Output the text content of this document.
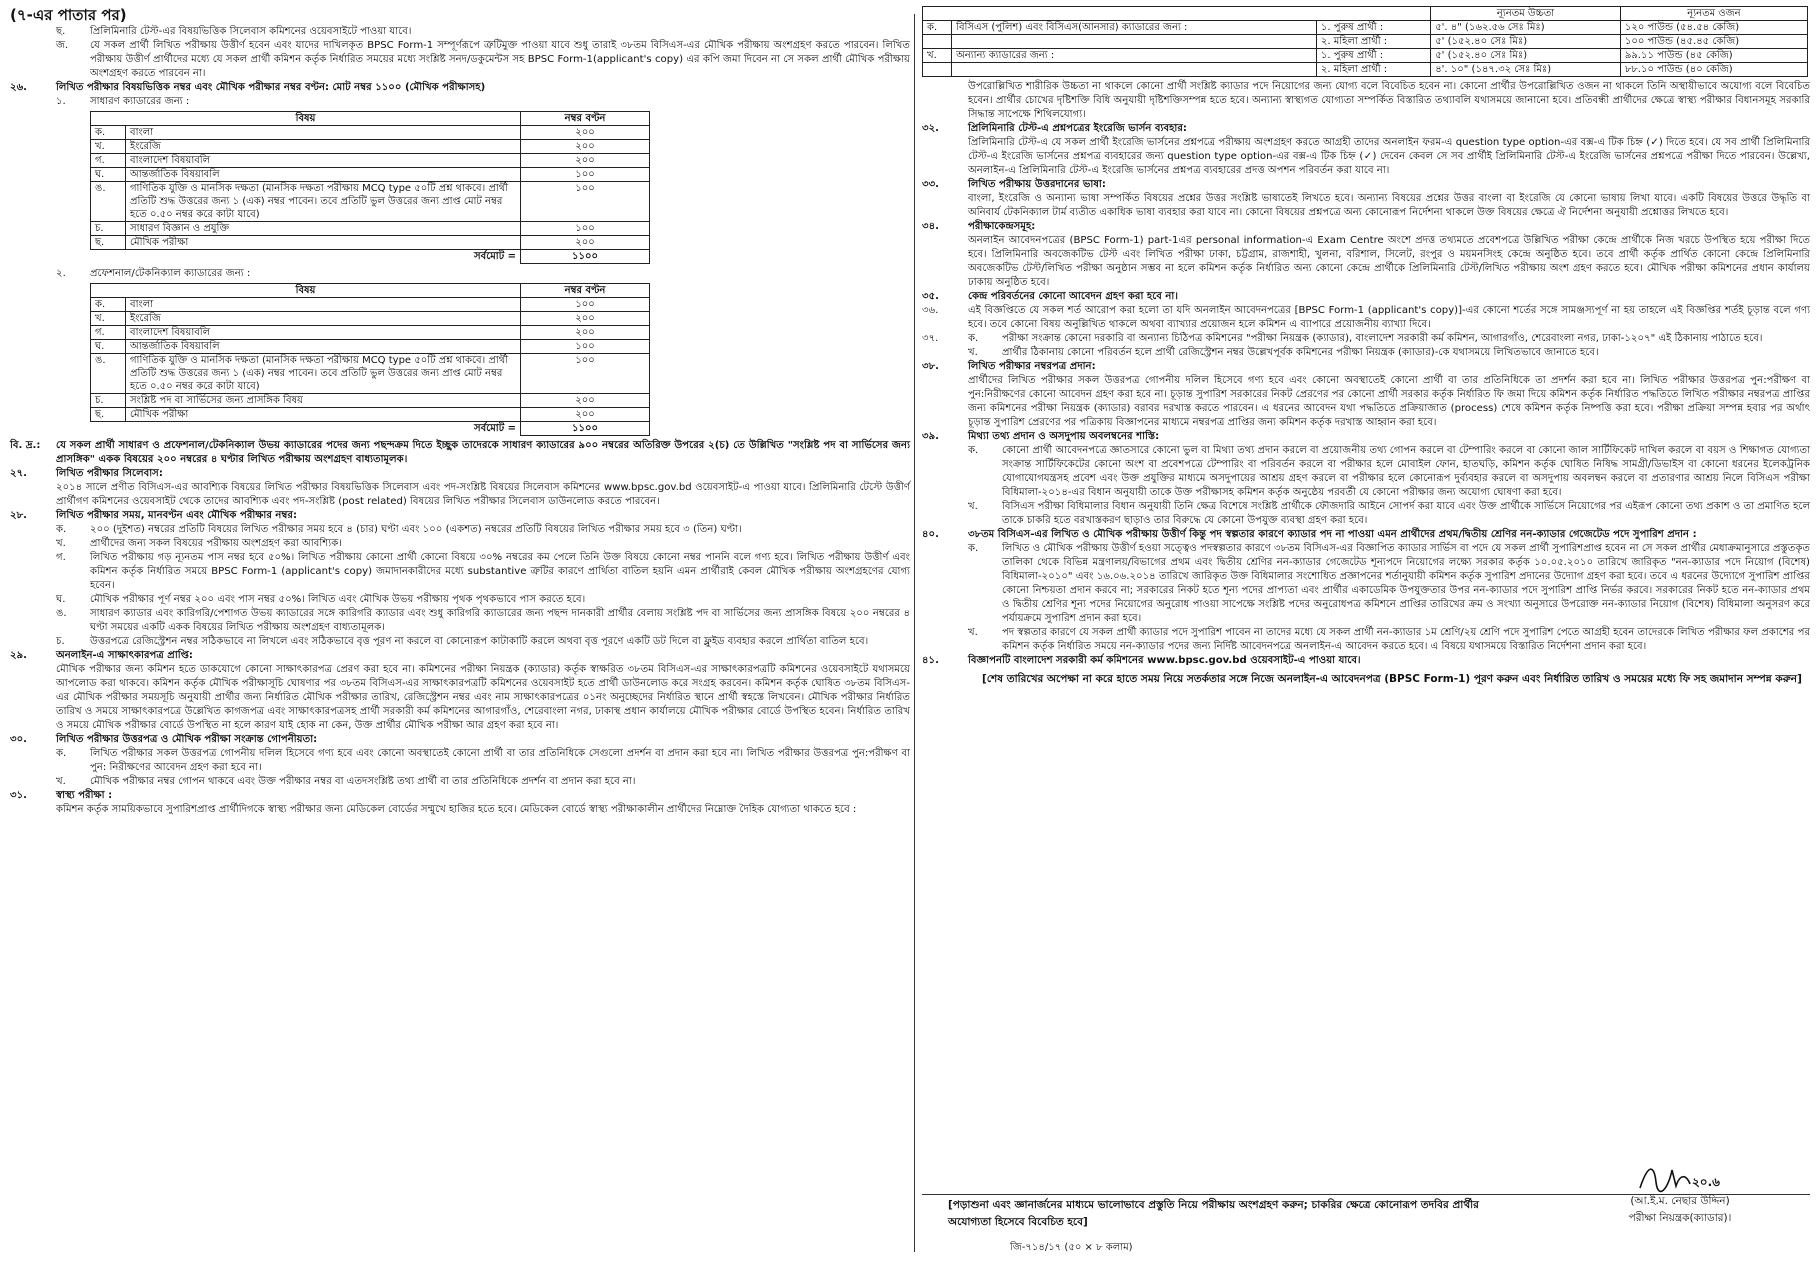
(৭-এর পাতার পর)
ছ.	প্রিলিমিনারি টেস্ট-এর বিষয়ভিত্তিক সিলেবাস কমিশনের ওয়েবসাইটে পাওয়া যাবে।
জ.	যে সকল প্রার্থী লিখিত পরীক্ষায় উত্তীর্ণ হবেন এবং যাদের দাখিলকৃত BPSC Form-1 সম্পূর্ণরূপে ত্রুটিমুক্ত পাওয়া যাবে শুধু তারাই ৩৮তম বিসিএস-এর মৌখিক পরীক্ষায় অংশগ্রহণ করতে পারবেন। লিখিত পরীক্ষায় উত্তীর্ণ প্রার্থীদের মধ্যে যে সকল প্রার্থী কমিশন কর্তৃক নির্ধারিত সময়ের মধ্যে সংশ্লিষ্ট সনদ/ডকুমেন্টস সহ BPSC Form-1(applicant's copy) এর কপি জমা দিবেন না সে সকল প্রার্থী মৌখিক পরীক্ষায় অংশগ্রহণ করতে পারবেন না।
২৬.	লিখিত পরীক্ষার বিষয়ভিত্তিক নম্বর এবং মৌখিক পরীক্ষার নম্বর বণ্টন: মোট নম্বর ১১০০ (মৌখিক পরীক্ষাসহ)
১.	সাধারণ ক্যাডারের জন্য :
বিষয়		নম্বর বণ্টন
ক.	বাংলা	২০০
খ.	ইংরেজি	২০০
গ.	বাংলাদেশ বিষয়াবলি	২০০
ঘ.	আন্তর্জাতিক বিষয়াবলি	১০০
ঙ.	গাণিতিক যুক্তি ও মানসিক দক্ষতা (মানসিক দক্ষতা পরীক্ষায় MCQ type ৫০টি প্রশ্ন থাকবে। প্রার্থী প্রতিটি শুদ্ধ উত্তরের জন্য ১ (এক) নম্বর পাবেন। তবে প্রতিটি ভুল উত্তরের জন্য প্রাপ্ত মোট নম্বর হতে ০.৫০ নম্বর করে কাটা যাবে)	১০০
চ.	সাধারণ বিজ্ঞান ও প্রযুক্তি	১০০
ছ.	মৌখিক পরীক্ষা	২০০
সর্বমোট =		১১০০
২.	প্রফেশনাল/টেকনিক্যাল ক্যাডারের জন্য :
বিষয়		নম্বর বণ্টন
ক.	বাংলা	১০০
খ.	ইংরেজি	২০০
গ.	বাংলাদেশ বিষয়াবলি	২০০
ঘ.	আন্তর্জাতিক বিষয়াবলি	১০০
ঙ.	গাণিতিক যুক্তি ও মানসিক দক্ষতা (মানসিক দক্ষতা পরীক্ষায় MCQ type ৫০টি প্রশ্ন থাকবে। প্রার্থী প্রতিটি শুদ্ধ উত্তরের জন্য ১ (এক) নম্বর পাবেন। তবে প্রতিটি ভুল উত্তরের জন্য প্রাপ্ত মোট নম্বর হতে ০.৫০ নম্বর করে কাটা যাবে)	১০০
চ.	সংশ্লিষ্ট পদ বা সার্ভিসের জন্য প্রাসঙ্গিক বিষয়	২০০
ছ.	মৌখিক পরীক্ষা	২০০
সর্বমোট =		১১০০
বি. দ্র.:	যে সকল প্রার্থী সাধারণ ও প্রফেশনাল/টেকনিক্যাল উভয় ক্যাডারের পদের জন্য পছন্দক্রম দিতে ইচ্ছুক তাদেরকে সাধারণ ক্যাডারের ৯০০ নম্বরের অতিরিক্ত উপরের ২(চ) তে উল্লিখিত "সংশ্লিষ্ট পদ বা সার্ভিসের জন্য প্রাসঙ্গিক" একক বিষয়ের ২০০ নম্বরের ৪ ঘণ্টার লিখিত পরীক্ষায় অংশগ্রহণ বাধ্যতামূলক।
২৭.	লিখিত পরীক্ষার সিলেবাস:
২০১৪ সালে প্রণীত বিসিএস-এর আবশ্যিক বিষয়ের লিখিত পরীক্ষার বিষয়ভিত্তিক সিলেবাস এবং পদ-সংশ্লিষ্ট বিষয়ের সিলেবাস কমিশনের www.bpsc.gov.bd ওয়েবসাইট-এ পাওয়া যাবে। প্রিলিমিনারি টেস্টে উত্তীর্ণ প্রার্থীগণ কমিশনের ওয়েবসাইট থেকে তাদের আবশ্যিক এবং পদ-সংশ্লিষ্ট (post related) বিষয়ের লিখিত পরীক্ষার সিলেবাস ডাউনলোড করতে পারবেন।
২৮.	লিখিত পরীক্ষার সময়, মানবণ্টন এবং মৌখিক পরীক্ষার নম্বর:
ক.	২০০ (দুইশত) নম্বরের প্রতিটি বিষয়ের লিখিত পরীক্ষার সময় হবে ৪ (চার) ঘণ্টা এবং ১০০ (একশত) নম্বরের প্রতিটি বিষয়ের লিখিত পরীক্ষার সময় হবে ৩ (তিন) ঘণ্টা।
খ.	প্রার্থীদের জন্য সকল বিষয়ের পরীক্ষায় অংশগ্রহণ করা আবশ্যিক।
গ.	লিখিত পরীক্ষায় গড় ন্যূনতম পাস নম্বর হবে ৫০%। লিখিত পরীক্ষায় কোনো প্রার্থী কোনো বিষয়ে ৩০% নম্বরের কম পেলে তিনি উক্ত বিষয়ে কোনো নম্বর পাননি বলে গণ্য হবে। লিখিত পরীক্ষায় উত্তীর্ণ এবং কমিশন কর্তৃক নির্ধারিত সময়ে BPSC Form-1 (applicant's copy) জমাদানকারীদের মধ্যে substantive ত্রুটির কারণে প্রার্থিতা বাতিল হয়নি এমন প্রার্থীরাই কেবল মৌখিক পরীক্ষায় অংশগ্রহণের যোগ্য হবেন।
ঘ.	মৌখিক পরীক্ষার পূর্ণ নম্বর ২০০ এবং পাস নম্বর ৫০%। লিখিত এবং মৌখিক উভয় পরীক্ষায় পৃথক পৃথকভাবে পাস করতে হবে।
ঙ.	সাধারণ ক্যাডার এবং কারিগরি/পেশাগত উভয় ক্যাডারের সঙ্গে কারিগরি ক্যাডার এবং শুধু কারিগরি ক্যাডারের জন্য পছন্দ দানকারী প্রার্থীর বেলায় সংশ্লিষ্ট পদ বা সার্ভিসের জন্য প্রাসঙ্গিক বিষয়ে ২০০ নম্বরের ৪ ঘণ্টা সময়ের একটি একক বিষয়ের লিখিত পরীক্ষায় অংশগ্রহণ বাধ্যতামূলক।
চ.	উত্তরপত্রে রেজিস্ট্রেশন নম্বর সঠিকভাবে না লিখলে এবং সঠিকভাবে বৃত্ত পূরণ না করলে বা কোনোরূপ কাটাকাটি করলে অথবা বৃত্ত পূরণে একটি ডট দিলে বা ফ্লুইড ব্যবহার করলে প্রার্থিতা বাতিল হবে।
২৯.	অনলাইন-এ সাক্ষাৎকারপত্র প্রাপ্তি:
মৌখিক পরীক্ষার জন্য কমিশন হতে ডাকযোগে কোনো সাক্ষাৎকারপত্র প্রেরণ করা হবে না। কমিশনের পরীক্ষা নিয়ন্ত্রক (ক্যাডার) কর্তৃক স্বাক্ষরিত ৩৮তম বিসিএস-এর সাক্ষাৎকারপত্রটি কমিশনের ওয়েবসাইটে যথাসময়ে আপলোড করা থাকবে। কমিশন কর্তৃক মৌখিক পরীক্ষাসূচি ঘোষণার পর ৩৮তম বিসিএস-এর সাক্ষাৎকারপত্রটি কমিশনের ওয়েবসাইট হতে প্রার্থী ডাউনলোড করে সংগ্রহ করবেন। কমিশন কর্তৃক ঘোষিত ৩৮তম বিসিএস-এর মৌখিক পরীক্ষার সময়সূচি অনুযায়ী প্রার্থীর জন্য নির্ধারিত মৌখিক পরীক্ষার তারিখ, রেজিস্ট্রেশন নম্বর এবং নাম সাক্ষাৎকারপত্রের ০১নং অনুচ্ছেদের নির্ধারিত স্থানে প্রার্থী স্বহস্তে লিখবেন। মৌখিক পরীক্ষার নির্ধারিত তারিখ ও সময়ে সাক্ষাৎকারপত্রে উল্লেখিত কাগজপত্র এবং সাক্ষাৎকারপত্রসহ প্রার্থী সরকারী কর্ম কমিশনের আগারগাঁও, শেরেবাংলা নগর, ঢাকাস্থ প্রধান কার্যালয়ে মৌখিক পরীক্ষার বোর্ডে উপস্থিত হবেন। নির্ধারিত তারিখ ও সময়ে মৌখিক পরীক্ষার বোর্ডে উপস্থিত না হলে কারণ যাই হোক না কেন, উক্ত প্রার্থীর মৌখিক পরীক্ষা আর গ্রহণ করা হবে না।
৩০.	লিখিত পরীক্ষার উত্তরপত্র ও মৌখিক পরীক্ষা সংক্রান্ত গোপনীয়তা:
ক.	লিখিত পরীক্ষার সকল উত্তরপত্র গোপনীয় দলিল হিসেবে গণ্য হবে এবং কোনো অবস্থাতেই কোনো প্রার্থী বা তার প্রতিনিধিকে সেগুলো প্রদর্শন বা প্রদান করা হবে না। লিখিত পরীক্ষার উত্তরপত্র পুন:পরীক্ষণ বা পুন: নিরীক্ষণের আবেদন গ্রহণ করা হবে না।
খ.	মৌখিক পরীক্ষার নম্বর গোপন থাকবে এবং উক্ত পরীক্ষার নম্বর বা এতদসংশ্লিষ্ট তথ্য প্রার্থী বা তার প্রতিনিধিকে প্রদর্শন বা প্রদান করা হবে না।
৩১.	স্বাস্থ্য পরীক্ষা :
কমিশন কর্তৃক সাময়িকভাবে সুপারিশপ্রাপ্ত প্রার্থীদিগকে স্বাস্থ্য পরীক্ষার জন্য মেডিকেল বোর্ডের সম্মুখে হাজির হতে হবে। মেডিকেল বোর্ডে স্বাস্থ্য পরীক্ষাকালীন প্রার্থীদের নিম্নোক্ত দৈহিক যোগ্যতা থাকতে হবে :
			ন্যূনতম উচ্চতা	ন্যূনতম ওজন
ক.	বিসিএস (পুলিশ) এবং বিসিএস(আনসার) ক্যাডারের জন্য :	১. পুরুষ প্রার্থী :	৫'. ৪" (১৬২.৫৬ সেঃ মিঃ)	১২০ পাউন্ড (৫৪.৫৪ কেজি)
		২. মহিলা প্রার্থী :	৫' (১৫২.৪০ সেঃ মিঃ)	১০০ পাউন্ড (৪৫.৪৫ কেজি)
খ.	অন্যান্য ক্যাডারের জন্য :	১. পুরুষ প্রার্থী :	৫' (১৫২.৪০ সেঃ মিঃ)	৯৯.১১ পাউন্ড (৪৫ কেজি)
		২. মহিলা প্রার্থী :	৪'. ১০" (১৪৭.৩২ সেঃ মিঃ)	৮৮.১০ পাউন্ড (৪০ কেজি)
উপরোল্লিখিত শারীরিক উচ্চতা না থাকলে কোনো প্রার্থী সংশ্লিষ্ট ক্যাডার পদে নিয়োগের জন্য যোগ্য বলে বিবেচিত হবেন না। কোনো প্রার্থীর উপরোল্লিখিত ওজন না থাকলে তিনি অস্থায়ীভাবে অযোগ্য বলে বিবেচিত হবেন। প্রার্থীর চোখের দৃষ্টিশক্তি বিধি অনুযায়ী দৃষ্টিশক্তিসম্পন্ন হতে হবে। অন্যান্য স্বাস্থ্যগত যোগ্যতা সম্পর্কিত বিস্তারিত তথ্যাবলি যথাসময়ে জানানো হবে। প্রতিবন্ধী প্রার্থীদের ক্ষেত্রে স্বাস্থ্য পরীক্ষার বিধানসমূহ সরকারি সিদ্ধান্ত সাপেক্ষে শিথিলযোগ্য।
৩২.	প্রিলিমিনারি টেস্ট-এ প্রশ্নপত্রের ইংরেজি ভার্সন ব্যবহার:
প্রিলিমিনারি টেস্ট-এ যে সকল প্রার্থী ইংরেজি ভার্সনের প্রশ্নপত্রে পরীক্ষায় অংশগ্রহণ করতে আগ্রহী তাদের অনলাইন ফরম-এ question type option-এর বক্স-এ টিক চিহ্ন (✓) দিতে হবে। যে সব প্রার্থী প্রিলিমিনারি টেস্ট-এ ইংরেজি ভার্সনের প্রশ্নপত্র ব্যবহারের জন্য question type option-এর বক্স-এ টিক চিহ্ন (✓) দেবেন কেবল সে সব প্রার্থীই প্রিলিমিনারি টেস্ট-এ ইংরেজি ভার্সনের প্রশ্নপত্রে পরীক্ষা দিতে পারবেন। উল্লেখ্য, অনলাইন-এ প্রিলিমিনারি টেস্ট-এ ইংরেজি ভার্সনের প্রশ্নপত্র ব্যবহারের প্রদত্ত অপশন পরিবর্তন করা যাবে না।
৩৩.	লিখিত পরীক্ষায় উত্তরদানের ভাষা:
বাংলা, ইংরেজি ও অন্যান্য ভাষা সম্পর্কিত বিষয়ের প্রশ্নের উত্তর সংশ্লিষ্ট ভাষাতেই লিখতে হবে। অন্যান্য বিষয়ের প্রশ্নের উত্তর বাংলা বা ইংরেজি যে কোনো ভাষায় লিখা যাবে। একটি বিষয়ের উত্তরে উদ্ধৃতি বা অনিবার্য টেকনিক্যাল টার্ম ব্যতীত একাধিক ভাষা ব্যবহার করা যাবে না। কোনো বিষয়ের প্রশ্নপত্রে অন্য কোনোরূপ নির্দেশনা থাকলে উক্ত বিষয়ের ক্ষেত্রে ঐ নির্দেশনা অনুযায়ী প্রশ্নোত্তর লিখতে হবে।
৩৪.	পরীক্ষাকেন্দ্রসমূহ:
অনলাইন আবেদনপত্রের (BPSC Form-1) part-1এর personal information-এ Exam Centre অংশে প্রদত্ত তথ্যমতে প্রবেশপত্রে উল্লিখিত পরীক্ষা কেন্দ্রে প্রার্থীকে নিজ খরচে উপস্থিত হয়ে পরীক্ষা দিতে হবে। প্রিলিমিনারি অবজেকটিভ টেস্ট এবং লিখিত পরীক্ষা ঢাকা, চট্টগ্রাম, রাজশাহী, খুলনা, বরিশাল, সিলেট, রংপুর ও ময়মনসিংহ কেন্দ্রে অনুষ্ঠিত হবে। তবে প্রার্থী কর্তৃক প্রার্থিত কোনো কেন্দ্রে প্রিলিমিনারি অবজেকটিভ টেস্ট/লিখিত পরীক্ষা অনুষ্ঠান সম্ভব না হলে কমিশন কর্তৃক নির্ধারিত অন্য কোনো কেন্দ্রে প্রার্থীকে প্রিলিমিনারি টেস্ট/লিখিত পরীক্ষায় অংশ গ্রহণ করতে হবে। মৌখিক পরীক্ষা কমিশনের প্রধান কার্যালয় ঢাকায় অনুষ্ঠিত হবে।
৩৫.	কেন্দ্র পরিবর্তনের কোনো আবেদন গ্রহণ করা হবে না।
৩৬.	এই বিজ্ঞপ্তিতে যে সকল শর্ত আরোপ করা হলো তা যদি অনলাইন আবেদনপত্রের [BPSC Form-1 (applicant's copy)]-এর কোনো শর্তের সঙ্গে সামঞ্জস্যপূর্ণ না হয় তাহলে এই বিজ্ঞপ্তির শর্তই চূড়ান্ত বলে গণ্য হবে। তবে কোনো বিষয় অনুল্লিখিত থাকলে অথবা ব্যাখ্যার প্রয়োজন হলে কমিশন এ ব্যাপারে প্রয়োজনীয় ব্যাখ্যা দিবে।
৩৭.	ক.	পরীক্ষা সংক্রান্ত কোনো দরকারি বা অন্যান্য চিঠিপত্র কমিশনের "পরীক্ষা নিয়ন্ত্রক (ক্যাডার), বাংলাদেশ সরকারী কর্ম কমিশন, আগারগাঁও, শেরেবাংলা নগর, ঢাকা-১২০৭" এই ঠিকানায় পাঠাতে হবে।
খ.	প্রার্থীর ঠিকানায় কোনো পরিবর্তন হলে প্রার্থী রেজিস্ট্রেশন নম্বর উল্লেখপূর্বক কমিশনের পরীক্ষা নিয়ন্ত্রক (ক্যাডার)-কে যথাসময়ে লিখিতভাবে জানাতে হবে।
৩৮.	লিখিত পরীক্ষার নম্বরপত্র প্রদান:
প্রার্থীদের লিখিত পরীক্ষার সকল উত্তরপত্র গোপনীয় দলিল হিসেবে গণ্য হবে এবং কোনো অবস্থাতেই কোনো প্রার্থী বা তার প্রতিনিধিকে তা প্রদর্শন করা হবে না। লিখিত পরীক্ষার উত্তরপত্র পুন:পরীক্ষণ বা পুন:নিরীক্ষণের কোনো আবেদন গ্রহণ করা হবে না। চূড়ান্ত সুপারিশ সরকারের নিকট প্রেরণের পর কোনো প্রার্থী সরকার কর্তৃক নির্ধারিত ফি জমা দিয়ে কমিশন কর্তৃক নির্ধারিত পদ্ধতিতে লিখিত পরীক্ষার নম্বরপত্র প্রাপ্তির জন্য কমিশনের পরীক্ষা নিয়ন্ত্রক (ক্যাডার) বরাবর দরখাস্ত করতে পারবেন। এ ধরনের আবেদন যথা পদ্ধতিতে প্রক্রিয়াজাত (process) শেষে কমিশন কর্তৃক নিষ্পত্তি করা হবে। পরীক্ষা প্রক্রিয়া সম্পন্ন হবার পর অর্থাৎ চূড়ান্ত সুপারিশ প্রেরণের পর পত্রিকায় বিজ্ঞাপনের মাধ্যমে নম্বরপত্র প্রাপ্তির জন্য কমিশন কর্তৃক দরখাস্ত আহ্বান করা হবে।
৩৯.	মিথ্যা তথ্য প্রদান ও অসদুপায় অবলম্বনের শাস্তি:
ক.	কোনো প্রার্থী আবেদনপত্রে জ্ঞাতসারে কোনো ভুল বা মিথ্যা তথ্য প্রদান করলে বা প্রয়োজনীয় তথ্য গোপন করলে বা টেম্পারিং করলে বা কোনো জাল সার্টিফিকেট দাখিল করলে বা বয়স ও শিক্ষাগত যোগ্যতা সংক্রান্ত সার্টিফিকেটের কোনো অংশ বা প্রবেশপত্রে টেম্পারিং বা পরিবর্তন করলে বা পরীক্ষার হলে মোবাইল ফোন, হাতঘড়ি, কমিশন কর্তৃক ঘোষিত নিষিদ্ধ সামগ্রী/ডিভাইস বা কোনো ধরনের ইলেকট্রনিক যোগাযোগযন্ত্রসহ প্রবেশ এবং উক্ত প্রযুক্তির মাধ্যমে অসদুপায়ের আশ্রয় গ্রহণ করলে বা পরীক্ষার হলে কোনোরূপ দুর্ব্যবহার করলে বা অসদুপায় অবলম্বন করলে বা প্রতারণার আশ্রয় নিলে বিসিএস পরীক্ষা বিধিমালা-২০১৪-এর বিধান অনুযায়ী তাকে উক্ত পরীক্ষাসহ কমিশন কর্তৃক অনুষ্ঠেয় পরবর্তী যে কোনো পরীক্ষার জন্য অযোগ্য ঘোষণা করা হবে।
খ.	বিসিএস পরীক্ষা বিধিমালার বিধান অনুযায়ী তিনি ক্ষেত্র বিশেষে সংশ্লিষ্ট প্রার্থীকে ফৌজদারি আইনে সোপর্দ করা যাবে এবং উক্ত প্রার্থীকে সার্ভিসে নিয়োগের পর এইরূপ কোনো তথ্য প্রকাশ ও তা প্রমাণিত হলে তাকে চাকরি হতে বরখাস্তকরণ ছাড়াও তার বিরুদ্ধে যে কোনো উপযুক্ত ব্যবস্থা গ্রহণ করা হবে।
৪০.	৩৮তম বিসিএস-এর লিখিত ও মৌখিক পরীক্ষায় উত্তীর্ণ কিন্তু পদ স্বল্পতার কারণে ক্যাডার পদ না পাওয়া এমন প্রার্থীদের প্রথম/দ্বিতীয় শ্রেণির নন-ক্যাডার গেজেটেড পদে সুপারিশ প্রদান :
ক.	লিখিত ও মৌখিক পরীক্ষায় উত্তীর্ণ হওয়া সত্ত্বেও পদস্বল্পতার কারণে ৩৮তম বিসিএস-এর বিজ্ঞাপিত ক্যাডার সার্ভিস বা পদে যে সকল প্রার্থী সুপারিশপ্রাপ্ত হবেন না সে সকল প্রার্থীর মেধাক্রমানুসারে প্রস্তুতকৃত তালিকা থেকে বিভিন্ন মন্ত্রণালয়/বিভাগের প্রথম এবং দ্বিতীয় শ্রেণির নন-ক্যাডার গেজেটেড শূন্যপদে নিয়োগের লক্ষ্যে সরকার কর্তৃক ১০.০৫.২০১০ তারিখে জারিকৃত "নন-ক্যাডার পদে নিয়োগ (বিশেষ) বিধিমালা-২০১০" এবং ১৬.০৬.২০১৪ তারিখে জারিকৃত উক্ত বিধিমালার সংশোধিত প্রজ্ঞাপনের শর্তানুযায়ী কমিশন কর্তৃক সুপারিশ প্রদানের উদ্যোগ গ্রহণ করা হবে। তবে এ ধরনের উদ্যোগে সুপারিশ প্রাপ্তির কোনো নিশ্চয়তা প্রদান করবে না; সরকারের নিকট হতে শূন্য পদের প্রাপ্যতা এবং প্রার্থীর একাডেমিক উপযুক্ততার উপর নন-ক্যাডার পদে সুপারিশ প্রাপ্তি নির্ভর করবে। সরকারের নিকট হতে নন-ক্যাডার প্রথম ও দ্বিতীয় শ্রেণির শূন্য পদের নিয়োগের অনুরোধ পাওয়া সাপেক্ষে সংশ্লিষ্ট পদের অনুরোধপত্র কমিশনে প্রাপ্তির তারিখের ক্রম ও সংখ্যা অনুসারে উপরোক্ত নন-ক্যাডার নিয়োগ (বিশেষ) বিধিমালা অনুসরণ করে পর্যায়ক্রমে সুপারিশ প্রদান করা হবে।
খ.	পদ স্বল্পতার কারণে যে সকল প্রার্থী ক্যাডার পদে সুপারিশ পাবেন না তাদের মধ্যে যে সকল প্রার্থী নন-ক্যাডার ১ম শ্রেণি/২য় শ্রেণি পদে সুপারিশ পেতে আগ্রহী হবেন তাদেরকে লিখিত পরীক্ষার ফল প্রকাশের পর কমিশন কর্তৃক নির্ধারিত সময়ে নন-ক্যাডার পদের জন্য নির্দিষ্ট আবেদনপত্রে অনলাইন-এ আবেদন করতে হবে। এ বিষয়ে যথাসময়ে বিস্তারিত নির্দেশনা প্রদান করা হবে।
৪১.	বিজ্ঞাপনটি বাংলাদেশ সরকারী কর্ম কমিশনের www.bpsc.gov.bd ওয়েবসাইট-এ পাওয়া যাবে।
[শেষ তারিখের অপেক্ষা না করে হাতে সময় নিয়ে সতর্কতার সঙ্গে নিজে অনলাইন-এ আবেদনপত্র (BPSC Form-1) পূরণ করুন এবং নির্ধারিত তারিখ ও সময়ের মধ্যে ফি সহ জমাদান সম্পন্ন করুন]
[পড়াশুনা এবং জ্ঞানার্জনের মাধ্যমে ভালোভাবে প্রস্তুতি নিয়ে পরীক্ষায় অংশগ্রহণ করুন; চাকরির ক্ষেত্রে কোনোরূপ তদবির প্রার্থীর অযোগ্যতা হিসেবে বিবেচিত হবে]
২০.৬
(আ.ই.ম. নেছার উদ্দিন)
পরীক্ষা নিয়ন্ত্রক(ক্যাডার)।
জি-৭১৪/১৭ (৫০ × ৮ কলাম)
